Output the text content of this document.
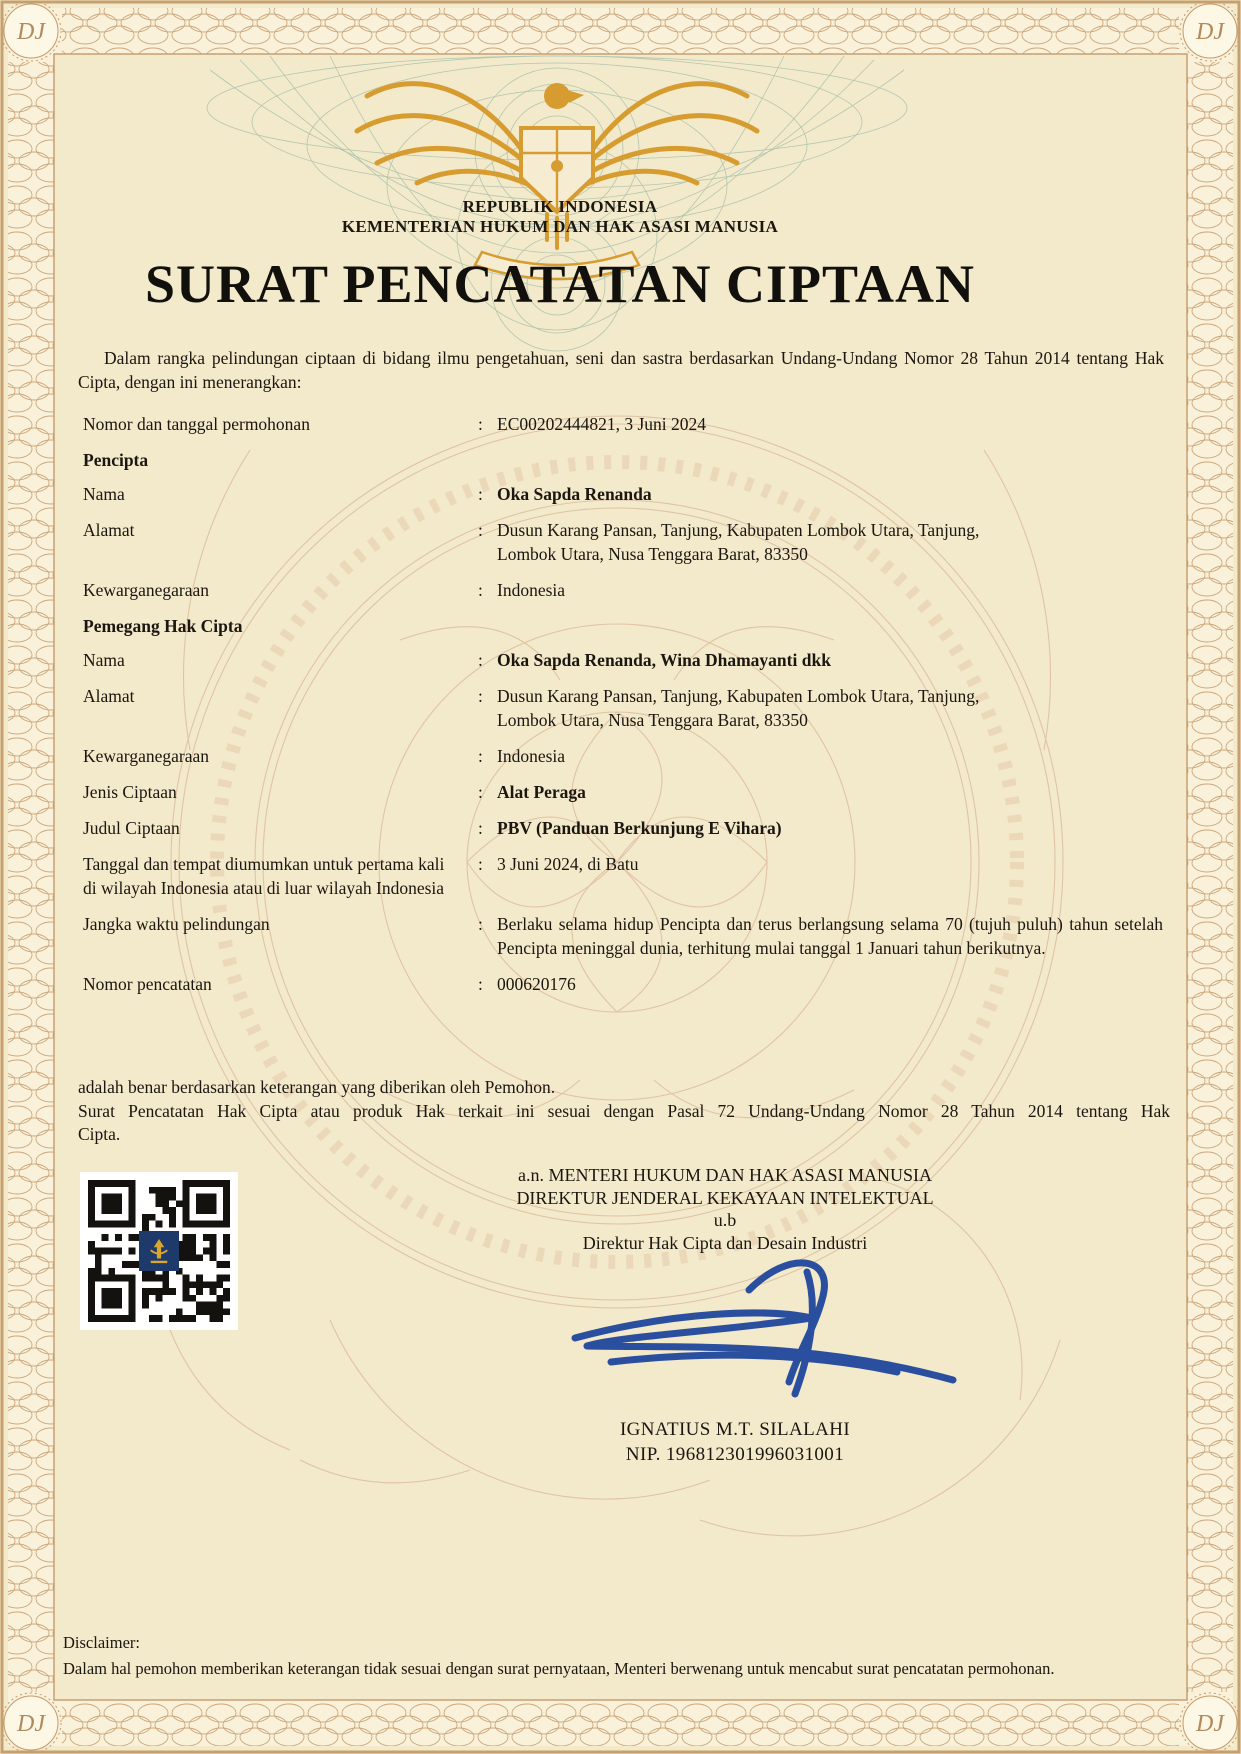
DJ	DJ
DJ	DJ
REPUBLIK INDONESIA
KEMENTERIAN HUKUM DAN HAK ASASI MANUSIA
SURAT PENCATATAN CIPTAAN

Dalam rangka pelindungan ciptaan di bidang ilmu pengetahuan, seni dan sastra berdasarkan Undang-Undang Nomor 28 Tahun 2014 tentang Hak Cipta, dengan ini menerangkan:

Nomor dan tanggal permohonan	: EC00202444821, 3 Juni 2024
Pencipta
Nama	: Oka Sapda Renanda
Alamat	: Dusun Karang Pansan, Tanjung, Kabupaten Lombok Utara, Tanjung,
Lombok Utara, Nusa Tenggara Barat, 83350
Kewarganegaraan	: Indonesia
Pemegang Hak Cipta
Nama	: Oka Sapda Renanda, Wina Dhamayanti dkk
Alamat	: Dusun Karang Pansan, Tanjung, Kabupaten Lombok Utara, Tanjung,
Lombok Utara, Nusa Tenggara Barat, 83350
Kewarganegaraan	: Indonesia
Jenis Ciptaan	: Alat Peraga
Judul Ciptaan	: PBV (Panduan Berkunjung E Vihara)
Tanggal dan tempat diumumkan untuk pertama kali
di wilayah Indonesia atau di luar wilayah Indonesia
: 3 Juni 2024, di Batu
Jangka waktu pelindungan	: Berlaku selama hidup Pencipta dan terus berlangsung selama 70 (tujuh puluh) tahun setelah Pencipta meninggal dunia, terhitung mulai tanggal 1 Januari tahun berikutnya.
Nomor pencatatan	: 000620176
adalah benar berdasarkan keterangan yang diberikan oleh Pemohon.
Surat Pencatatan Hak Cipta atau produk Hak terkait ini sesuai dengan Pasal 72 Undang-Undang Nomor 28 Tahun 2014 tentang Hak
Cipta.
a.n. MENTERI HUKUM DAN HAK ASASI MANUSIA
DIREKTUR JENDERAL KEKAYAAN INTELEKTUAL
u.b
Direktur Hak Cipta dan Desain Industri
IGNATIUS M.T. SILALAHI
NIP. 196812301996031001
Disclaimer:
Dalam hal pemohon memberikan keterangan tidak sesuai dengan surat pernyataan, Menteri berwenang untuk mencabut surat pencatatan permohonan.
